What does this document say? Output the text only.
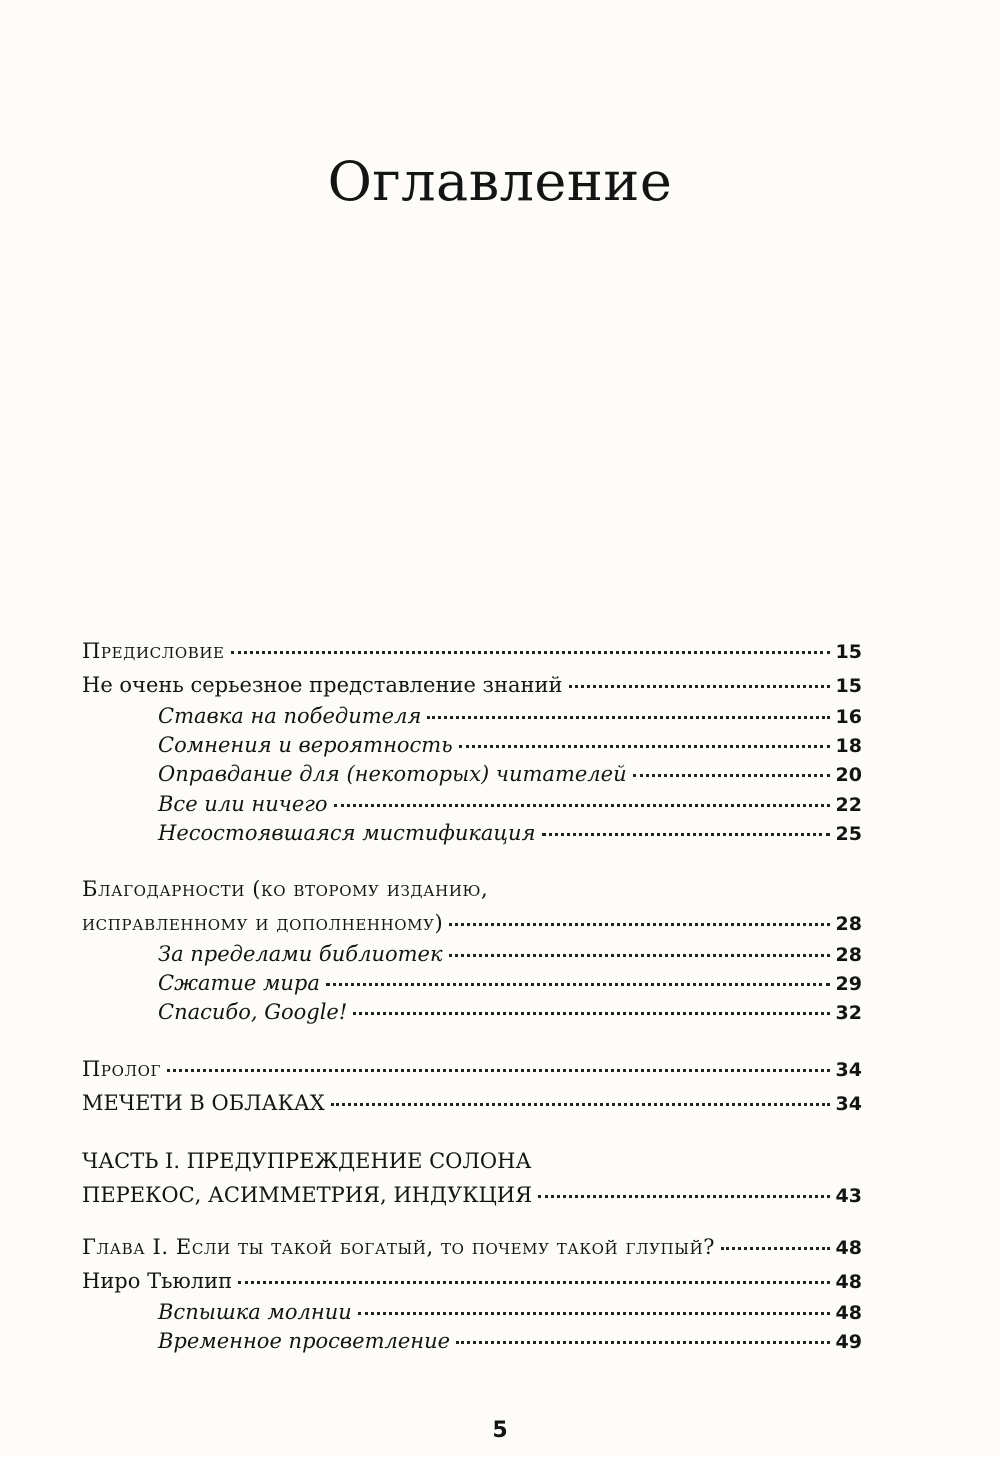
Оглавление
Предисловие	15
Не очень серьезное представление знаний	15
Ставка на победителя	16
Сомнения и вероятность	18
Оправдание для (некоторых) читателей	20
Все или ничего	22
Несостоявшаяся мистификация	25
Благодарности (ко второму изданию,
исправленному и дополненному)	28
За пределами библиотек	28
Сжатие мира	29
Спасибо, Google!	32
Пролог	34
МЕЧЕТИ В ОБЛАКАХ	34
ЧАСТЬ I. ПРЕДУПРЕЖДЕНИЕ СОЛОНА
ПЕРЕКОС, АСИММЕТРИЯ, ИНДУКЦИЯ	43
Глава I. Если ты такой богатый, то почему такой глупый?	48
Ниро Тьюлип	48
Вспышка молнии	48
Временное просветление	49
5
